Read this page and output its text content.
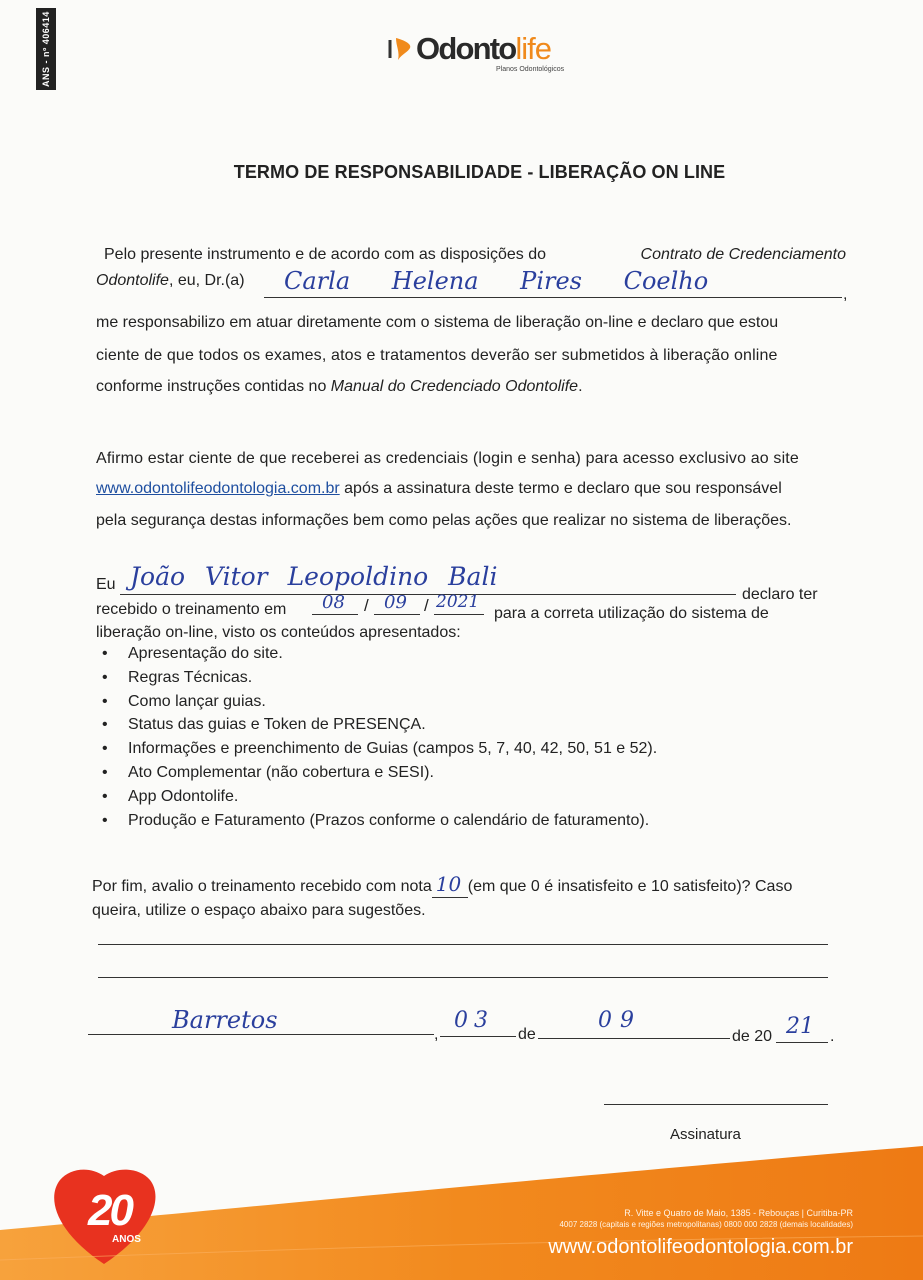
ANS - nº 406414	Odontolife
Planos Odontológicos
TERMO DE RESPONSABILIDADE - LIBERAÇÃO ON LINE
Pelo presente instrumento e de acordo com as disposições do	Contrato de Credenciamento
Odontolife, eu, Dr.(a) Carla Helena Pires Coelho	,
me responsabilizo em atuar diretamente com o sistema de liberação on-line e declaro que estou
ciente de que todos os exames, atos e tratamentos deverão ser submetidos à liberação online
conforme instruções contidas no Manual do Credenciado Odontolife.
Afirmo estar ciente de que receberei as credenciais (login e senha) para acesso exclusivo ao site
www.odontolifeodontologia.com.br após a assinatura deste termo e declaro que sou responsável
pela segurança destas informações bem como pelas ações que realizar no sistema de liberações.
Eu João Vitor Leopoldino Bali
declaro ter
recebido o treinamento em 08 / 09 / 2021
para a correta utilização do sistema de
liberação on-line, visto os conteúdos apresentados:
• Apresentação do site.
• Regras Técnicas.
• Como lançar guias.
• Status das guias e Token de PRESENÇA.
• Informações e preenchimento de Guias (campos 5, 7, 40, 42, 50, 51 e 52).
• Ato Complementar (não cobertura e SESI).
• App Odontolife.
• Produção e Faturamento (Prazos conforme o calendário de faturamento).
Por fim, avalio o treinamento recebido com nota 10 (em que 0 é insatisfeito e 10 satisfeito)? Caso
queira, utilize o espaço abaixo para sugestões.
Barretos
,
03
de
09
de 20 21 .
Assinatura
20
ANOS
R. Vitte e Quatro de Maio, 1385 - Rebouças | Curitiba-PR
4007 2828 (capitais e regiões metropolitanas) 0800 000 2828 (demais localidades)
www.odontolifeodontologia.com.br
